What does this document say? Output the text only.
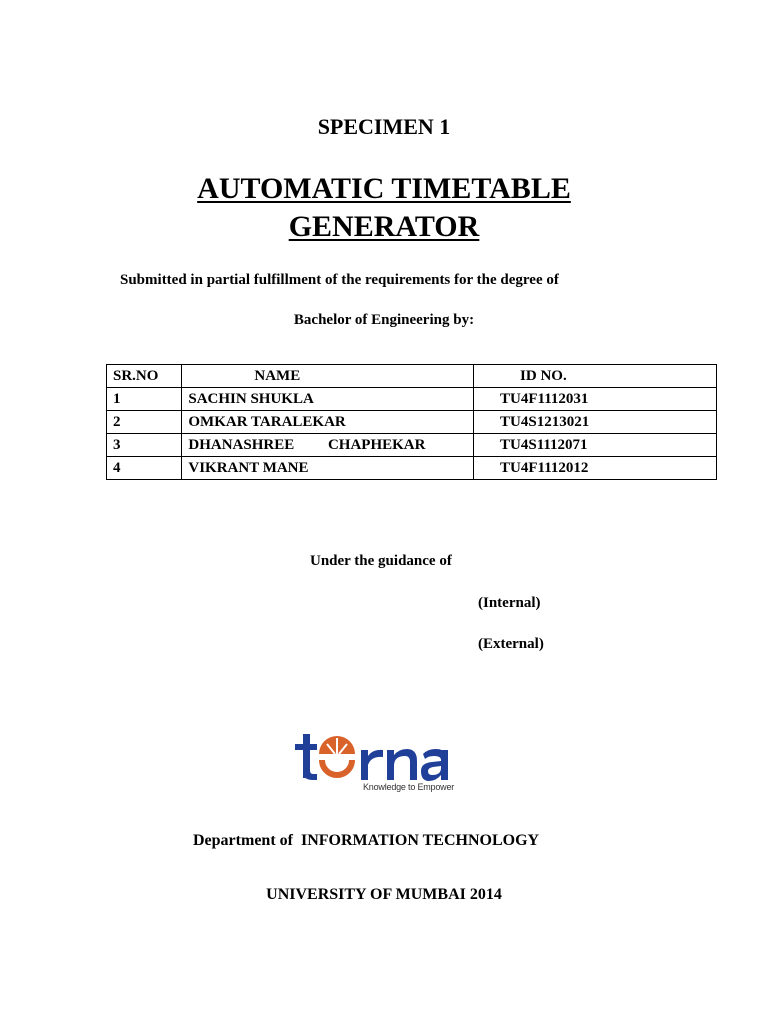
SPECIMEN 1
AUTOMATIC TIMETABLE
GENERATOR
Submitted in partial fulfillment of the requirements for the degree of
Bachelor of Engineering by:
SR.NO	NAME	ID NO.
1	SACHIN SHUKLA	TU4F1112031
2	OMKAR TARALEKAR	TU4S1213021
3	DHANASHREE CHAPHEKAR	TU4S1112071
4	VIKRANT MANE	TU4F1112012
Under the guidance of
(Internal)
(External)
Knowledge to Empower
Department of  INFORMATION TECHNOLOGY
UNIVERSITY OF MUMBAI 2014
